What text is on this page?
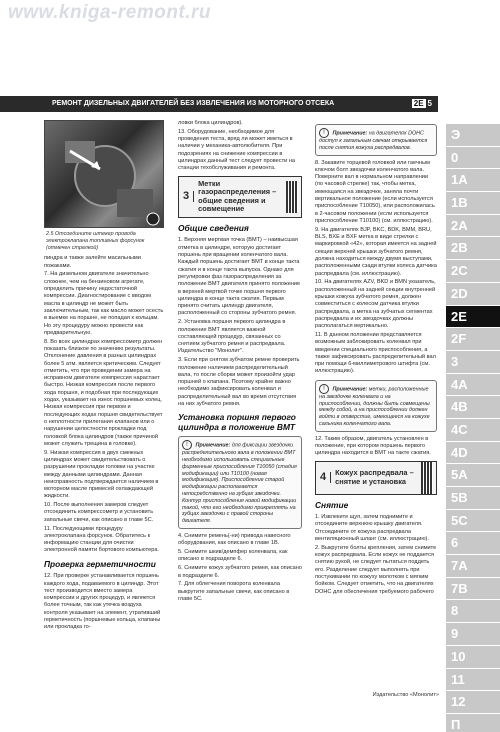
www.kniga-remont.ru
РЕМОНТ ДИЗЕЛЬНЫХ ДВИГАТЕЛЕЙ БЕЗ ИЗВЛЕЧЕНИЯ ИЗ МОТОРНОГО ОТСЕКА	2E 5
2.5 Отсоедините штекер провода электроклапана топливных форсунок (отмечен стрелкой)

пиндра и также залейте масильными пожаками.

7. На дизельном двигателе значительно сложнее, чем на бензиновом агрегате, определить причину недостаточной компрессии. Диагностирование с вводом масла в цилиндр не может быть заключительным, так как масло может осесть в выемке на поршне, не попадая к кольцам. Но эту процедуру можно провести как предварительную.

8. Во всех цилиндрах компрессометр должен показать близкое по значению результаты. Отклонение давления в разных цилиндрах более 5 атм. является критическим. Следует отметить, что при проведении замера на исправном двигателе компрессия нарастает быстро. Низкая компрессия после первого хода поршня, и подобная при последующих ходах, указывает на износ поршневых колец. Низкая компрессия при первом и последующих ходах поршня свидетельствует о неплотности прилегания клапанов или о нарушении целостности прокладки под головкой блока цилиндров (также причиной может служить трещина в головке).

9. Низкая компрессия в двух смежных цилиндрах может свидетельствовать о разрушении прокладки головки на участке между данными цилиндрами. Данная неисправность подтверждается наличием в моторном масле примесей охлаждающей жидкости.

10. После выполнения замеров следует отсоединить компрессометр и установить запальные свечи, как описано в главе 5С.

11. Последующими процедуру электроклапана форсунок. Обратитесь к информацию станции для очистки электронной памяти бортового компьютера.

Проверка герметичности

12. При проверке устанавливается поршень каждого хода, подаваемого в цилиндр. Этот тест производится вместо замера компрессии и других процедур, и является более точным, так как утечка воздуха контроля указывает на элемент, утративший герметичность (поршневые кольца, клапаны или прокладка го-

ловки блока цилиндров).

13. Оборудование, необходимое для проведения теста, вряд ли может иметься в наличии у механика-автолюбителя. При подозрениях на снижение компрессии в цилиндрах данный тест следует провести на станции техобслуживания и ремонта.

3
Метки газораспределения – общие сведения и совмещение
Общие сведения

1. Верхняя мертвая точка (ВМТ) – наивысшая отметка в цилиндре, которую достигает поршень при вращении коленчатого вала. Каждый поршень достигает ВМТ в конце такта сжатия и в конце такта выпуска. Однако для регулировки фаз газораспределения за положение ВМТ двигателя принято положение в верхней мертвой точке поршня первого цилиндра в конце такта сжатия. Первым принято считать цилиндр двигателя, расположенный со стороны зубчатого ремня.

2. Установка поршня первого цилиндра в положение ВМТ является важной составляющей процедур, связанных со снятием зубчатого ремня и распредвала. Издательство "Монолит".

3. Если при снятом зубчатом ремне проверить положение наличием распределительный вала, то после сборки может произойти удар поршней о клапана. Поэтому крайне важно необходимо зафиксировать коленвал и распределительный вал во время отсутствия на них зубчатого ремня.

Установка поршня первого цилиндра в положение ВМТ
! Примечание: для фиксации звездочки распределительного вала в положении ВМТ необходимо использовать специальные фирменные приспособления Т10050 (стадия модификации) или Т10100 (новая модификация). Приспособление старой модификации располагается непосредственно на зубцах звездочки. Контур приспособления новой модификации такой, что его необходимо прикреплять на зубцах звездочки с правой стороны двигателя.

4. Снимите ремень(-ни) привода навесного оборудования, как описано в главе 1В.

5. Снимите шкив/демпфер коленвала, как описано в подразделе 6.

6. Снимите кожух зубчатого ремня, как описано в подразделе 6.

7. Для облегчения поворота коленвала выкрутите запальные свечи, как описано в главе 5С.

! Примечание: на двигателях DOHC доступ к запальным свечам открывается после снятия кожуха распредвалов.

8. Закавите торцевой головкой или гаечным ключом болт звездочки коленчатого вала. Поверните вал в нормальном направлении (по часовой стрелке) так, чтобы метка, имеющаяся на звездочке, заняла почти вертикальное положение (если используется приспособление Т10050), или расположилась в 2-часовом положении (если используется приспособление Т10100) (см. иллюстрацию).

9. На двигателях BJP, BKC, BDK, BMM, BRU, BLS, BXE и BXF метка в виде стрелки с маркировкой «42», которая имеется на задней секции верхней крышки зубчатого ремня, должна находиться между двумя выступами, расположенными сзади втулки колеса датчика распредвала (см. иллюстрацию).

10. На двигателях AZV, BKD и BMN указатель, расположенный на задней секции внутренней крышки кожуха зубчатого ремня, должен совместиться с колесом датчика втулки распредвала, а метка на зубчатых сегментах распредвала и их звездочках должны располагаться вертикально.

11. В данном положении представляется возможным заблокировать коленвал при введении специального приспособления, а также зафиксировать распределительный вал при помощи 6-миллиметрового штифта (см. иллюстрацию).

! Примечание: метки, расположенные на звездочке коленвала и на приспособлении, должны быть совмещены между собой, а на приспособлении должен войти в отверстие, имеющееся на кожухе сальника коленчатого вала.

12. Таким образом, двигатель установлен в положение, при котором поршень первого цилиндра находится в ВМТ на такте сжатия.

4	Кожух распредвала – снятие и установка
Снятие

1. Извлеките щуп, затем поднимите и отсоедините верхнюю крышку двигателя. Отсоедините от кожуха распредвала вентиляционный шланг (см. иллюстрацию).

2. Выкрутите болты крепления, затем снимите кожух распредвала. Если кожух не поддается снятию рукой, не следует пытаться поддеть его. Разделение следует выполнять при постукивании по кожуху молотком с мягким бойком. Следует отметить, что на двигателях DOHC для обеспечения требуемого рабочего

Издательство «Монолит»
Э
0
1A
1B
2A
2B
2C
2D
2E
2F
3
4A
4B
4C
4D
5A
5B
5C
6
7A
7B
8
9
10
11
12
П
